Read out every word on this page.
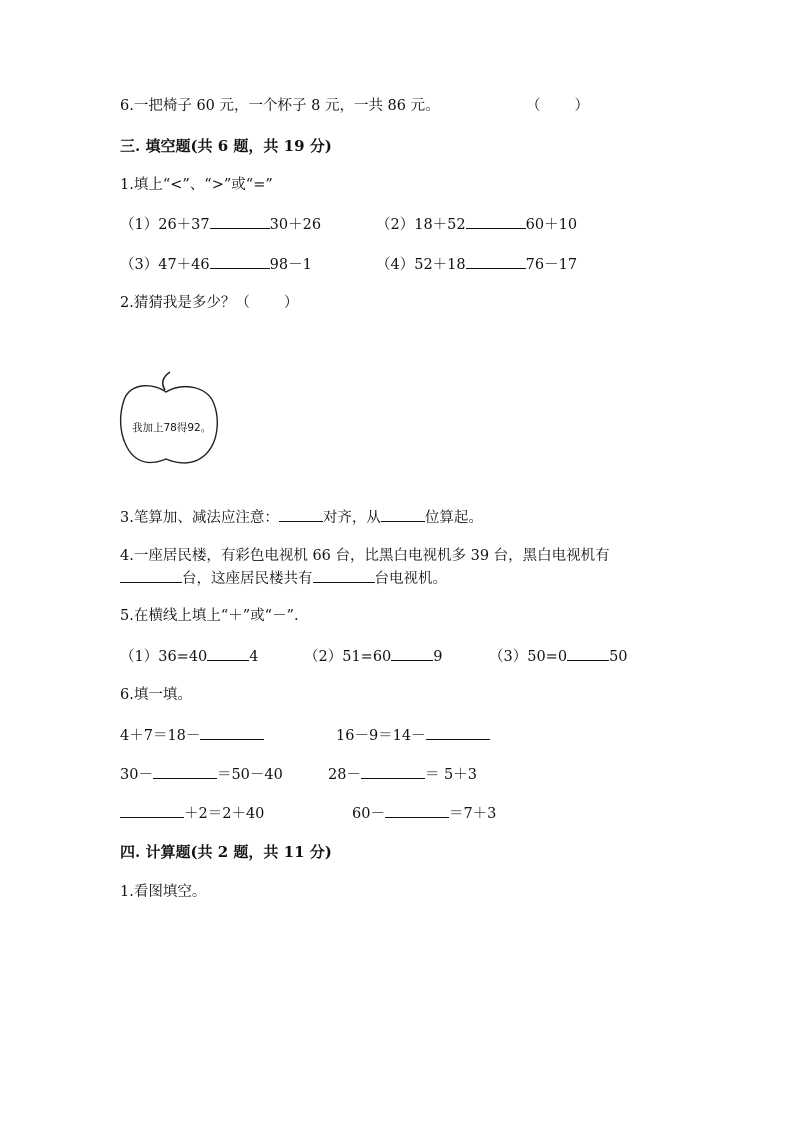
6.一把椅子 60 元，一个杯子 8 元，一共 86 元。	（ ）
三. 填空题(共 6 题，共 19 分)
1.填上“<”、“>”或“=”
（1）26＋37	30＋26	（2）18＋52	60＋10
（3）47＋46	98－1	（4）52＋18	76－17
2.猜猜我是多少？（ ）
我加上78得92。
3.笔算加、减法应注意：	对齐，从	位算起。
4.一座居民楼，有彩色电视机 66 台，比黑白电视机多 39 台，黑白电视机有
台，这座居民楼共有	台电视机。
5.在横线上填上“＋”或“－”.
（1）36=40	4	（2）51=60	9	（3）50=0	50
6.填一填。
4＋7＝18－	16－9＝14－
30－	＝50－40	28－	＝ 5＋3
＋2＝2＋40	60－	＝7＋3
四. 计算题(共 2 题，共 11 分)
1.看图填空。
